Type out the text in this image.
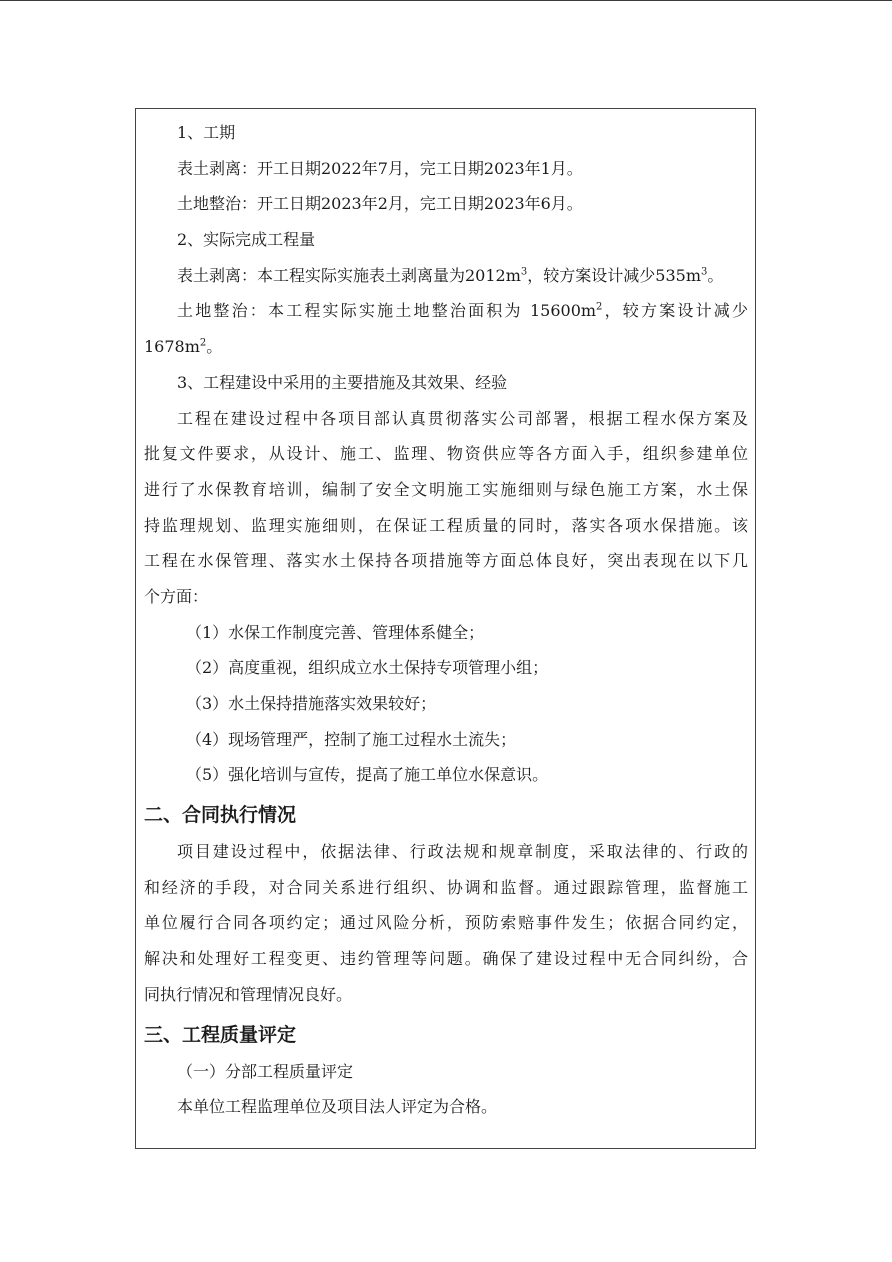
1、工期

表土剥离：开工日期2022年7月，完工日期2023年1月。

土地整治：开工日期2023年2月，完工日期2023年6月。

2、实际完成工程量

表土剥离：本工程实际实施表土剥离量为$2012m^3$，较方案设计减少$535m^3$。

土地整治：本工程实际实施土地整治面积为 $15600m^2$，较方案设计减少

$1678m^2$。

3、工程建设中采用的主要措施及其效果、经验

工程在建设过程中各项目部认真贯彻落实公司部署，根据工程水保方案及

批复文件要求，从设计、施工、监理、物资供应等各方面入手，组织参建单位

进行了水保教育培训，编制了安全文明施工实施细则与绿色施工方案，水土保

持监理规划、监理实施细则，在保证工程质量的同时，落实各项水保措施。该

工程在水保管理、落实水土保持各项措施等方面总体良好，突出表现在以下几

个方面：

（1）水保工作制度完善、管理体系健全；

（2）高度重视，组织成立水土保持专项管理小组；

（3）水土保持措施落实效果较好；

（4）现场管理严，控制了施工过程水土流失；

（5）强化培训与宣传，提高了施工单位水保意识。

二、合同执行情况

项目建设过程中，依据法律、行政法规和规章制度，采取法律的、行政的

和经济的手段，对合同关系进行组织、协调和监督。通过跟踪管理，监督施工

单位履行合同各项约定；通过风险分析，预防索赔事件发生；依据合同约定，

解决和处理好工程变更、违约管理等问题。确保了建设过程中无合同纠纷，合

同执行情况和管理情况良好。

三、工程质量评定

（一）分部工程质量评定

本单位工程监理单位及项目法人评定为合格。
